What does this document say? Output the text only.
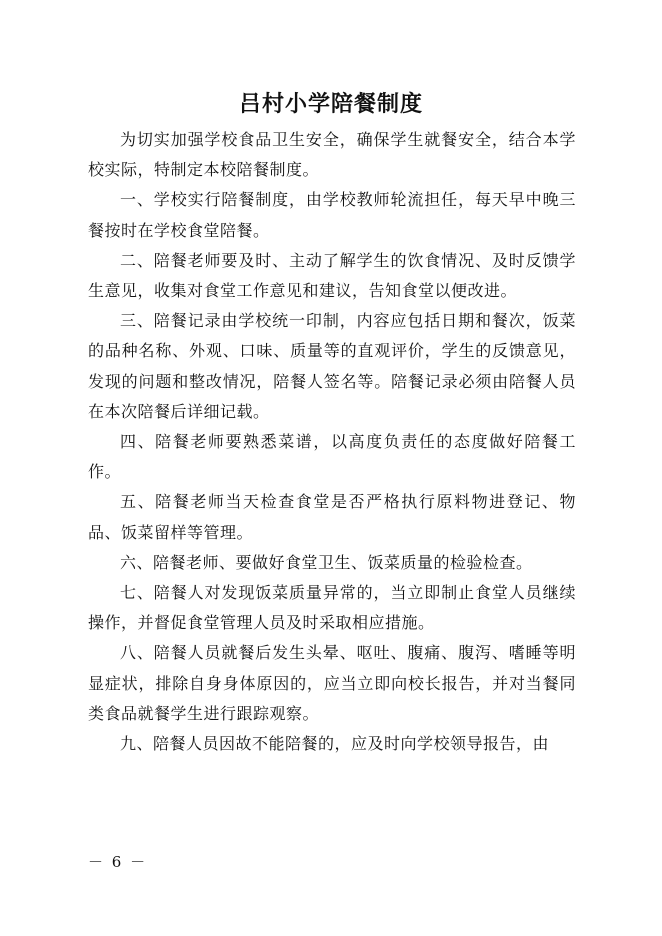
吕村小学陪餐制度

为切实加强学校食品卫生安全，确保学生就餐安全，结合本学校实际，特制定本校陪餐制度。

一、学校实行陪餐制度，由学校教师轮流担任，每天早中晚三餐按时在学校食堂陪餐。

二、陪餐老师要及时、主动了解学生的饮食情况、及时反馈学生意见，收集对食堂工作意见和建议，告知食堂以便改进。

三、陪餐记录由学校统一印制，内容应包括日期和餐次，饭菜的品种名称、外观、口味、质量等的直观评价，学生的反馈意见，发现的问题和整改情况，陪餐人签名等。陪餐记录必须由陪餐人员在本次陪餐后详细记载。

四、陪餐老师要熟悉菜谱，以高度负责任的态度做好陪餐工作。

五、陪餐老师当天检查食堂是否严格执行原料物进登记、物品、饭菜留样等管理。

六、陪餐老师、要做好食堂卫生、饭菜质量的检验检查。

七、陪餐人对发现饭菜质量异常的，当立即制止食堂人员继续操作，并督促食堂管理人员及时采取相应措施。

八、陪餐人员就餐后发生头晕、呕吐、腹痛、腹泻、嗜睡等明显症状，排除自身身体原因的，应当立即向校长报告，并对当餐同类食品就餐学生进行跟踪观察。

九、陪餐人员因故不能陪餐的，应及时向学校领导报告，由

－ 6 －
